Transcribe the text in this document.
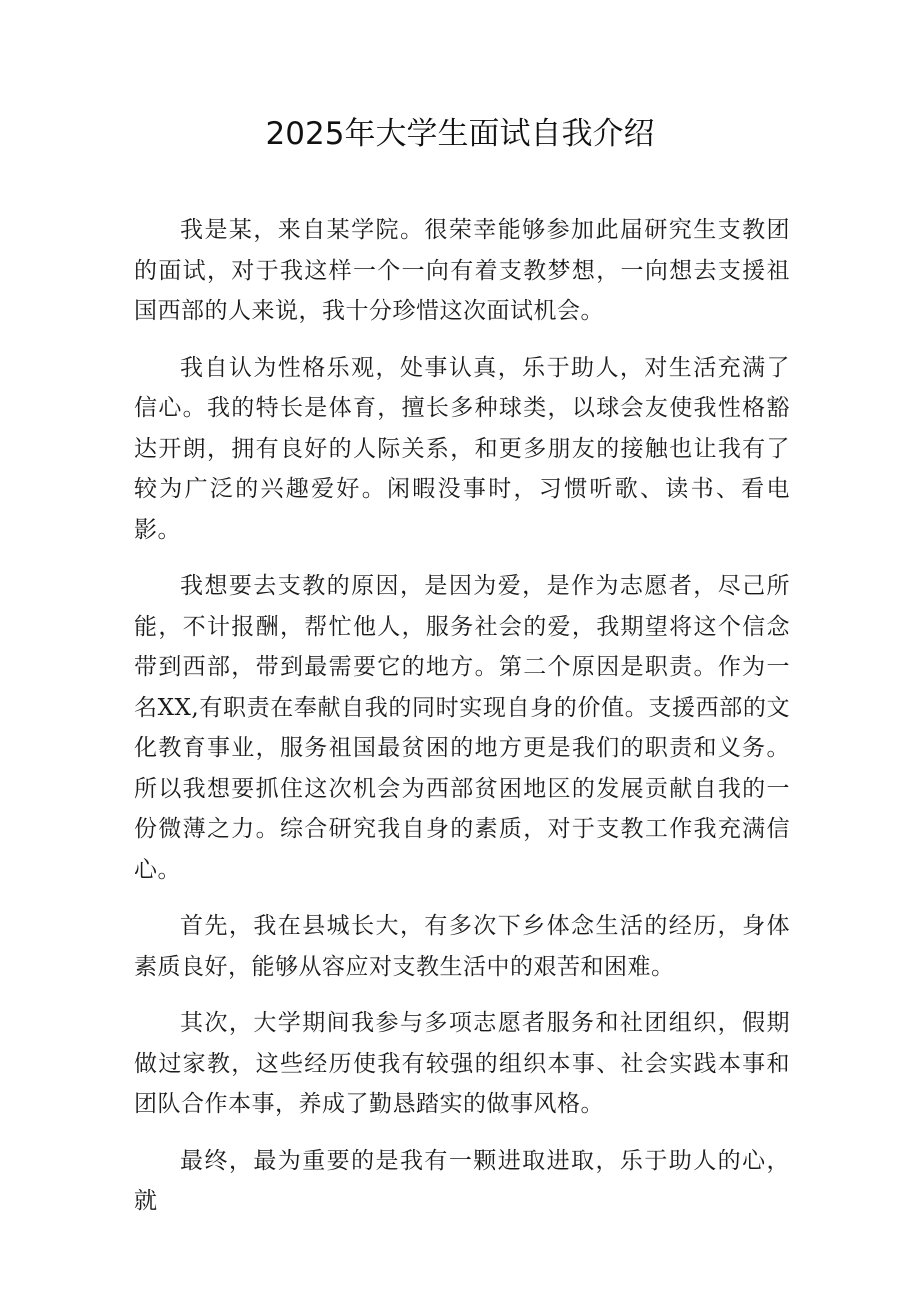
2025年大学生面试自我介绍

我是某，来自某学院。很荣幸能够参加此届研究生支教团的面试，对于我这样一个一向有着支教梦想，一向想去支援祖国西部的人来说，我十分珍惜这次面试机会。

我自认为性格乐观，处事认真，乐于助人，对生活充满了信心。我的特长是体育，擅长多种球类，以球会友使我性格豁达开朗，拥有良好的人际关系，和更多朋友的接触也让我有了较为广泛的兴趣爱好。闲暇没事时，习惯听歌、读书、看电影。

我想要去支教的原因，是因为爱，是作为志愿者，尽己所能，不计报酬，帮忙他人，服务社会的爱，我期望将这个信念带到西部，带到最需要它的地方。第二个原因是职责。作为一名XX,有职责在奉献自我的同时实现自身的价值。支援西部的文化教育事业，服务祖国最贫困的地方更是我们的职责和义务。所以我想要抓住这次机会为西部贫困地区的发展贡献自我的一份微薄之力。综合研究我自身的素质，对于支教工作我充满信心。

首先，我在县城长大，有多次下乡体念生活的经历，身体素质良好，能够从容应对支教生活中的艰苦和困难。

其次，大学期间我参与多项志愿者服务和社团组织，假期做过家教，这些经历使我有较强的组织本事、社会实践本事和团队合作本事，养成了勤恳踏实的做事风格。

最终，最为重要的是我有一颗进取进取，乐于助人的心，就
